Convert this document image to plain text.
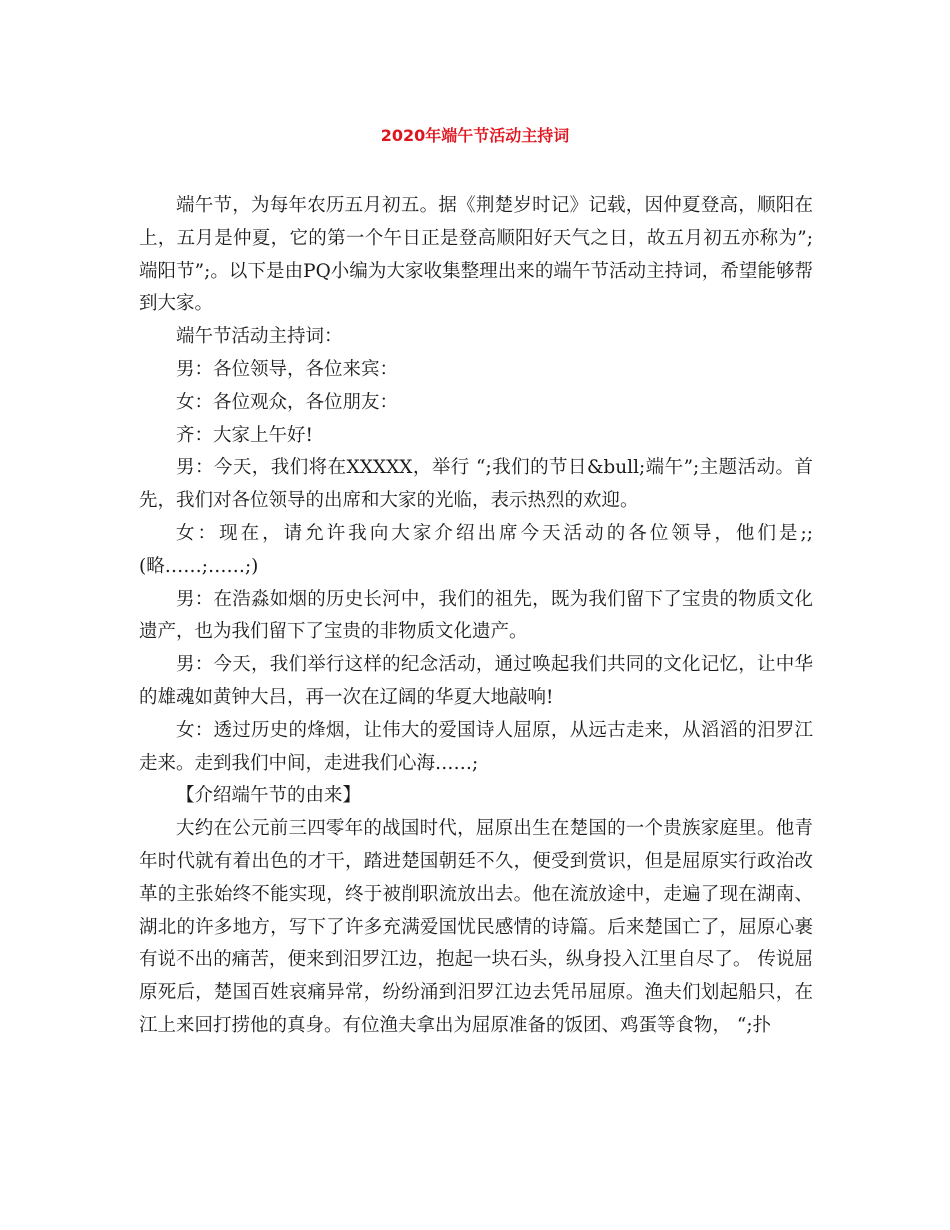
2020年端午节活动主持词

端午节，为每年农历五月初五。据《荆楚岁时记》记载，因仲夏登高，顺阳在上，五月是仲夏，它的第一个午日正是登高顺阳好天气之日，故五月初五亦称为”;端阳节”;。以下是由PQ小编为大家收集整理出来的端午节活动主持词，希望能够帮到大家。

端午节活动主持词：

男：各位领导，各位来宾：

女：各位观众，各位朋友：

齐：大家上午好!

男：今天，我们将在XXXXX，举行 “;我们的节日&bull;端午”;主题活动。首先，我们对各位领导的出席和大家的光临，表示热烈的欢迎。

女：现在，请允许我向大家介绍出席今天活动的各位领导，他们是;;(略……;……;)

男：在浩淼如烟的历史长河中，我们的祖先，既为我们留下了宝贵的物质文化遗产，也为我们留下了宝贵的非物质文化遗产。

男：今天，我们举行这样的纪念活动，通过唤起我们共同的文化记忆，让中华的雄魂如黄钟大吕，再一次在辽阔的华夏大地敲响!

女：透过历史的烽烟，让伟大的爱国诗人屈原，从远古走来，从滔滔的汨罗江走来。走到我们中间，走进我们心海……;

【介绍端午节的由来】

大约在公元前三四零年的战国时代，屈原出生在楚国的一个贵族家庭里。他青年时代就有着出色的才干，踏进楚国朝廷不久，便受到赏识，但是屈原实行政治改革的主张始终不能实现，终于被削职流放出去。他在流放途中，走遍了现在湖南、湖北的许多地方，写下了许多充满爱国忧民感情的诗篇。后来楚国亡了，屈原心裹有说不出的痛苦，便来到汨罗江边，抱起一块石头，纵身投入江里自尽了。 传说屈原死后，楚国百姓哀痛异常，纷纷涌到汨罗江边去凭吊屈原。渔夫们划起船只，在江上来回打捞他的真身。有位渔夫拿出为屈原准备的饭团、鸡蛋等食物， “;扑
